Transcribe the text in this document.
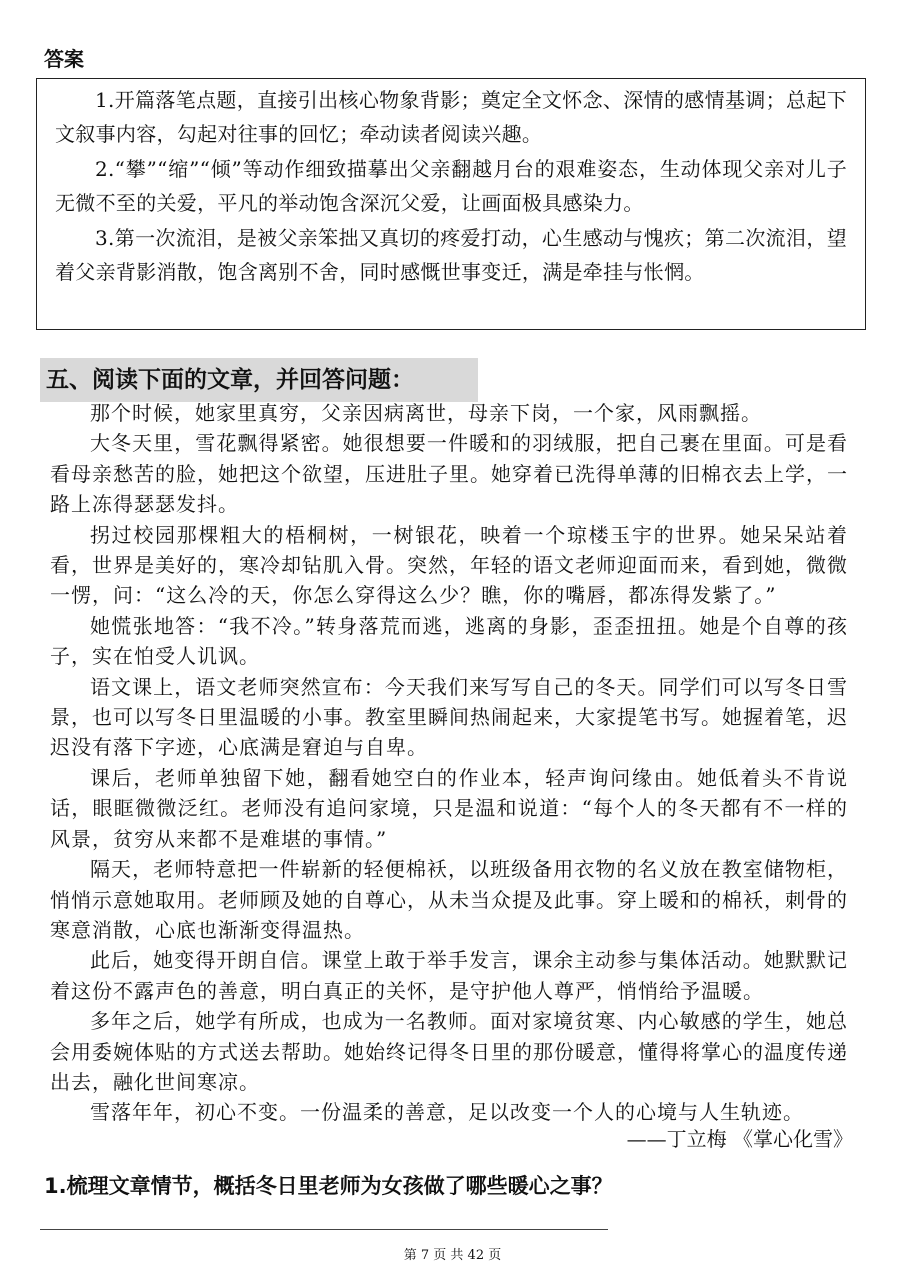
答案

1.开篇落笔点题，直接引出核心物象背影；奠定全文怀念、深情的感情基调；总起下文叙事内容，勾起对往事的回忆；牵动读者阅读兴趣。

2.“攀”“缩”“倾”等动作细致描摹出父亲翻越月台的艰难姿态，生动体现父亲对儿子无微不至的关爱，平凡的举动饱含深沉父爱，让画面极具感染力。

3.第一次流泪，是被父亲笨拙又真切的疼爱打动，心生感动与愧疚；第二次流泪，望着父亲背影消散，饱含离别不舍，同时感慨世事变迁，满是牵挂与怅惘。

五、阅读下面的文章，并回答问题：

那个时候，她家里真穷，父亲因病离世，母亲下岗，一个家，风雨飘摇。

大冬天里，雪花飘得紧密。她很想要一件暖和的羽绒服，把自己裹在里面。可是看看母亲愁苦的脸，她把这个欲望，压进肚子里。她穿着已洗得单薄的旧棉衣去上学，一路上冻得瑟瑟发抖。

拐过校园那棵粗大的梧桐树，一树银花，映着一个琼楼玉宇的世界。她呆呆站着看，世界是美好的，寒冷却钻肌入骨。突然，年轻的语文老师迎面而来，看到她，微微一愣，问：“这么冷的天，你怎么穿得这么少？瞧，你的嘴唇，都冻得发紫了。”

她慌张地答：“我不冷。”转身落荒而逃，逃离的身影，歪歪扭扭。她是个自尊的孩子，实在怕受人讥讽。

语文课上，语文老师突然宣布：今天我们来写写自己的冬天。同学们可以写冬日雪景，也可以写冬日里温暖的小事。教室里瞬间热闹起来，大家提笔书写。她握着笔，迟迟没有落下字迹，心底满是窘迫与自卑。

课后，老师单独留下她，翻看她空白的作业本，轻声询问缘由。她低着头不肯说话，眼眶微微泛红。老师没有追问家境，只是温和说道：“每个人的冬天都有不一样的风景，贫穷从来都不是难堪的事情。”

隔天，老师特意把一件崭新的轻便棉袄，以班级备用衣物的名义放在教室储物柜，悄悄示意她取用。老师顾及她的自尊心，从未当众提及此事。穿上暖和的棉袄，刺骨的寒意消散，心底也渐渐变得温热。

此后，她变得开朗自信。课堂上敢于举手发言，课余主动参与集体活动。她默默记着这份不露声色的善意，明白真正的关怀，是守护他人尊严，悄悄给予温暖。

多年之后，她学有所成，也成为一名教师。面对家境贫寒、内心敏感的学生，她总会用委婉体贴的方式送去帮助。她始终记得冬日里的那份暖意，懂得将掌心的温度传递出去，融化世间寒凉。

雪落年年，初心不变。一份温柔的善意，足以改变一个人的心境与人生轨迹。

——丁立梅 《掌心化雪》
1.梳理文章情节，概括冬日里老师为女孩做了哪些暖心之事？
第 7 页 共 42 页
